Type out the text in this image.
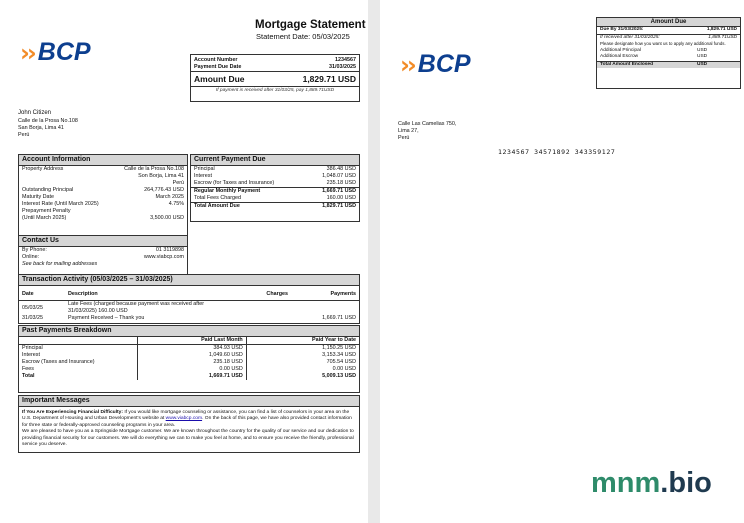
Mortgage Statement
Statement Date: 05/03/2025
›› BCP	Account Number	1234567
Payment Due Date	31/03/2025
Amount Due	1,829.71 USD
If payment is received after 31/03/25, pay 1,889.71USD
John Citizen
Calle de la Prosa No.108
San Borja, Lima 41
Perú
Account Information
Property Address	Calle de la Prosa No.108
Son Borja, Lima 41
Perú
Outstanding Principal	264,776.43 USD
Maturity Date	March 2025
Interest Rate (Until March 2025)	4.75%
Prepayment Penalty
(Until March 2025)	3,500.00 USD
Contact Us
By Phone:	01 3119898
Online:	www.viabcp.com
See back for mailing addresses
Current Payment Due
Principal	386.48 USD
Interest	1,048.07 USD
Escrow (for Taxes and Insurance)	235.18 USD
Regular Monthly Payment	1,669.71 USD
Total Fees Charged	160.00 USD
Total Amount Due	1,829.71 USD
Transaction Activity (05/03/2025 – 31/03/2025)
Date	Description	Charges	Payments
05/03/25	Late Fees (charged because payment was received after 31/03/2025) 160.00 USD		
31/03/25	Payment Received – Thank you		1,669.71 USD
Past Payments Breakdown
	Paid Last Month	Paid Year to Date
Principal	384.93 USD	1,150.25 USD
Interest	1,049.60 USD	3,153.34 USD
Escrow (Taxes and Insurance)	235.18 USD	705.54 USD
Fees	0.00 USD	0.00 USD
Total	1,669.71 USD	5,009.13 USD
Important Messages
If You Are Experiencing Financial Difficulty: If you would like mortgage counseling or assistance, you can find a list of counselors in your area on the U.S. Department of Housing and Urban Development's website at www.viabcp.com. On the back of this page, we have also provided contact information for three state or federally-approved counseling programs in your area.
We are pleased to have you as a Springside Mortgage customer. We are known throughout the country for the quality of our service and our dedication to providing financial security for our customers. We will do everything we can to make you feel at home, and to ensure you receive the friendly, professional service you deserve.
Amount Due
Due By 31/03/2025:	1,829.71 USD
If received after 31/03/2025:	1,889.71USD
Please designate how you want us to apply any additional funds.
Additional Principal	USD
Additional Escrow	USD
Total Amount Enclosed	USD
›› BCP
Calle Las Camelias 750,
Lima 27,
Perú
1234567 34571892 343359127
mnm.bio
